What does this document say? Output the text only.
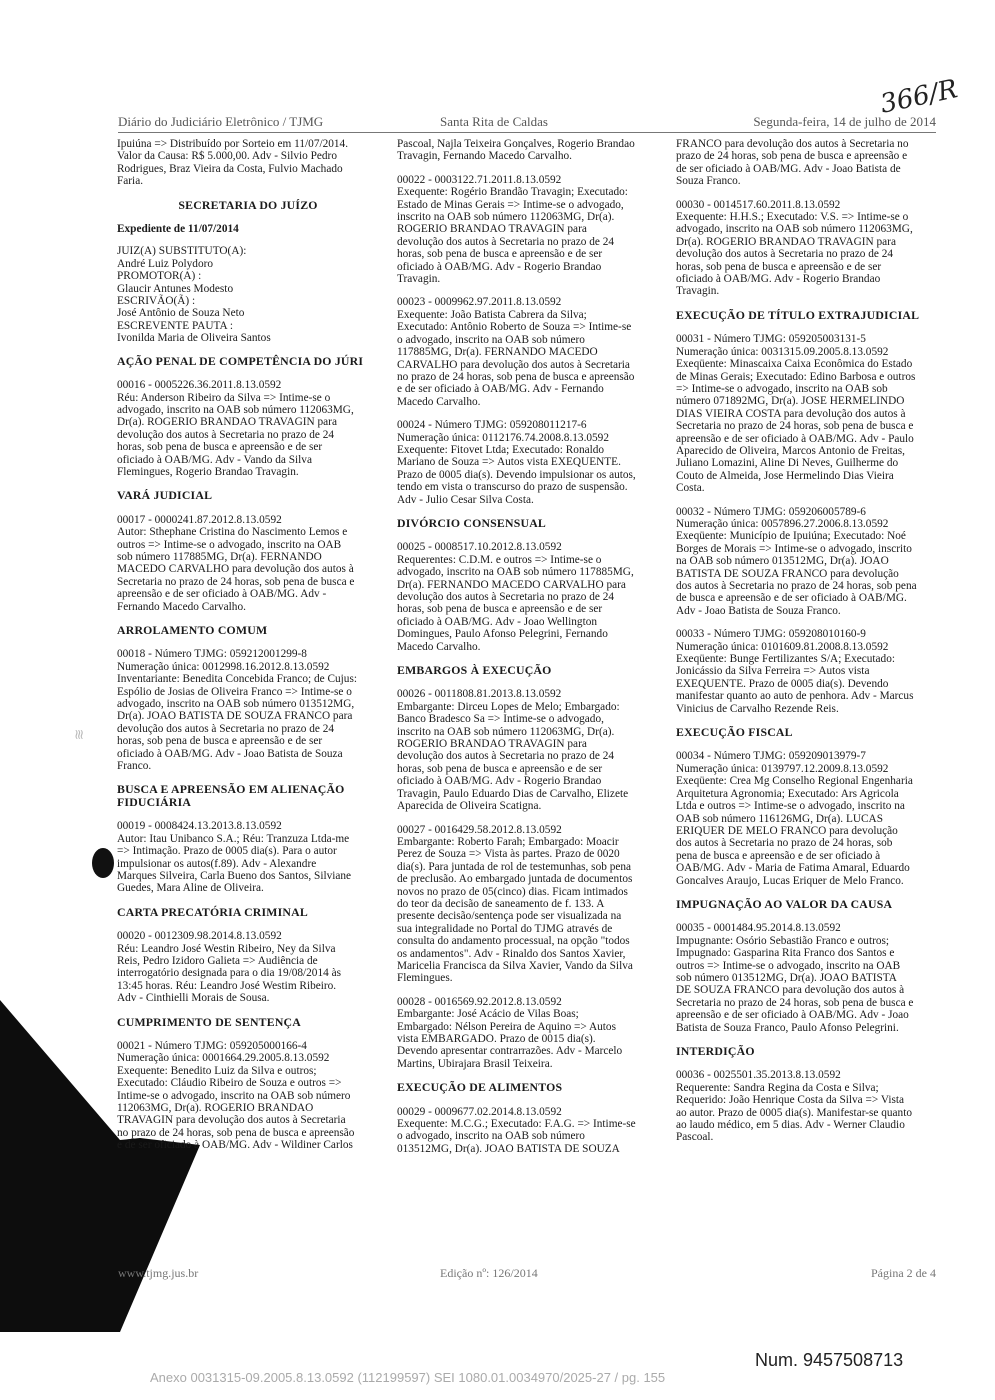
≋
366/R
Diário do Judiciário Eletrônico / TJMG	Santa Rita de Caldas	Segunda-feira, 14 de julho de 2014
Ipuiúna => Distribuído por Sorteio em 11/07/2014.
Valor da Causa: R$ 5.000,00. Adv - Silvio Pedro
Rodrigues, Braz Vieira da Costa, Fulvio Machado
Faria.
SECRETARIA DO JUÍZO
Expediente de 11/07/2014
JUIZ(A) SUBSTITUTO(A):
André Luiz Polydoro
PROMOTOR(A) :
Glaucir Antunes Modesto
ESCRIVÃO(Ã) :
José Antônio de Souza Neto
ESCREVENTE PAUTA :
Ivonilda Maria de Oliveira Santos
AÇÃO PENAL DE COMPETÊNCIA DO JÚRI
00016 - 0005226.36.2011.8.13.0592
Réu: Anderson Ribeiro da Silva => Intime-se o
advogado, inscrito na OAB sob número 112063MG,
Dr(a). ROGERIO BRANDAO TRAVAGIN para
devolução dos autos à Secretaria no prazo de 24
horas, sob pena de busca e apreensão e de ser
oficiado à OAB/MG. Adv - Vando da Silva
Flemingues, Rogerio Brandao Travagin.
VARÁ JUDICIAL
00017 - 0000241.87.2012.8.13.0592
Autor: Sthephane Cristina do Nascimento Lemos e
outros => Intime-se o advogado, inscrito na OAB
sob número 117885MG, Dr(a). FERNANDO
MACEDO CARVALHO para devolução dos autos à
Secretaria no prazo de 24 horas, sob pena de busca e
apreensão e de ser oficiado à OAB/MG. Adv -
Fernando Macedo Carvalho.
ARROLAMENTO COMUM
00018 - Número TJMG: 059212001299-8
Numeração única: 0012998.16.2012.8.13.0592
Inventariante: Benedita Concebida Franco; de Cujus:
Espólio de Josias de Oliveira Franco => Intime-se o
advogado, inscrito na OAB sob número 013512MG,
Dr(a). JOAO BATISTA DE SOUZA FRANCO para
devolução dos autos à Secretaria no prazo de 24
horas, sob pena de busca e apreensão e de ser
oficiado à OAB/MG. Adv - Joao Batista de Souza
Franco.
BUSCA E APREENSÃO EM ALIENAÇÃO FIDUCIÁRIA
00019 - 0008424.13.2013.8.13.0592
Autor: Itau Unibanco S.A.; Réu: Tranzuza Ltda-me
=> Intimação. Prazo de 0005 dia(s). Para o autor
impulsionar os autos(f.89). Adv - Alexandre
Marques Silveira, Carla Bueno dos Santos, Silviane
Guedes, Mara Aline de Oliveira.
CARTA PRECATÓRIA CRIMINAL
00020 - 0012309.98.2014.8.13.0592
Réu: Leandro José Westin Ribeiro, Ney da Silva
Reis, Pedro Izidoro Galieta => Audiência de
interrogatório designada para o dia 19/08/2014 às
13:45 horas. Réu: Leandro José Westim Ribeiro.
Adv - Cinthielli Morais de Sousa.
CUMPRIMENTO DE SENTENÇA
00021 - Número TJMG: 059205000166-4
Numeração única: 0001664.29.2005.8.13.0592
Exequente: Benedito Luiz da Silva e outros;
Executado: Cláudio Ribeiro de Souza e outros =>
Intime-se o advogado, inscrito na OAB sob número
112063MG, Dr(a). ROGERIO BRANDAO
TRAVAGIN para devolução dos autos à Secretaria
no prazo de 24 horas, sob pena de busca e apreensão
e de ser oficiado à OAB/MG. Adv - Wildiner Carlos
Pascoal, Najla Teixeira Gonçalves, Rogerio Brandao
Travagin, Fernando Macedo Carvalho.
00022 - 0003122.71.2011.8.13.0592
Exequente: Rogério Brandão Travagin; Executado:
Estado de Minas Gerais => Intime-se o advogado,
inscrito na OAB sob número 112063MG, Dr(a).
ROGERIO BRANDAO TRAVAGIN para
devolução dos autos à Secretaria no prazo de 24
horas, sob pena de busca e apreensão e de ser
oficiado à OAB/MG. Adv - Rogerio Brandao
Travagin.
00023 - 0009962.97.2011.8.13.0592
Exequente: João Batista Cabrera da Silva;
Executado: Antônio Roberto de Souza => Intime-se
o advogado, inscrito na OAB sob número
117885MG, Dr(a). FERNANDO MACEDO
CARVALHO para devolução dos autos à Secretaria
no prazo de 24 horas, sob pena de busca e apreensão
e de ser oficiado à OAB/MG. Adv - Fernando
Macedo Carvalho.
00024 - Número TJMG: 059208011217-6
Numeração única: 0112176.74.2008.8.13.0592
Exequente: Fitovet Ltda; Executado: Ronaldo
Mariano de Souza => Autos vista EXEQUENTE.
Prazo de 0005 dia(s). Devendo impulsionar os autos,
tendo em vista o transcurso do prazo de suspensão.
Adv - Julio Cesar Silva Costa.
DIVÓRCIO CONSENSUAL
00025 - 0008517.10.2012.8.13.0592
Requerentes: C.D.M. e outros => Intime-se o
advogado, inscrito na OAB sob número 117885MG,
Dr(a). FERNANDO MACEDO CARVALHO para
devolução dos autos à Secretaria no prazo de 24
horas, sob pena de busca e apreensão e de ser
oficiado à OAB/MG. Adv - Joao Wellington
Domingues, Paulo Afonso Pelegrini, Fernando
Macedo Carvalho.
EMBARGOS À EXECUÇÃO
00026 - 0011808.81.2013.8.13.0592
Embargante: Dirceu Lopes de Melo; Embargado:
Banco Bradesco Sa => Intime-se o advogado,
inscrito na OAB sob número 112063MG, Dr(a).
ROGERIO BRANDAO TRAVAGIN para
devolução dos autos à Secretaria no prazo de 24
horas, sob pena de busca e apreensão e de ser
oficiado à OAB/MG. Adv - Rogerio Brandao
Travagin, Paulo Eduardo Dias de Carvalho, Elizete
Aparecida de Oliveira Scatigna.
00027 - 0016429.58.2012.8.13.0592
Embargante: Roberto Farah; Embargado: Moacir
Perez de Souza => Vista às partes. Prazo de 0020
dia(s). Para juntada de rol de testemunhas, sob pena
de preclusão. Ao embargado juntada de documentos
novos no prazo de 05(cinco) dias. Ficam intimados
do teor da decisão de saneamento de f. 133. A
presente decisão/sentença pode ser visualizada na
sua integralidade no Portal do TJMG através de
consulta do andamento processual, na opção "todos
os andamentos". Adv - Rinaldo dos Santos Xavier,
Maricelia Francisca da Silva Xavier, Vando da Silva
Flemingues.
00028 - 0016569.92.2012.8.13.0592
Embargante: José Acácio de Vilas Boas;
Embargado: Nélson Pereira de Aquino => Autos
vista EMBARGADO. Prazo de 0015 dia(s).
Devendo apresentar contrarrazões. Adv - Marcelo
Martins, Ubirajara Brasil Teixeira.
EXECUÇÃO DE ALIMENTOS
00029 - 0009677.02.2014.8.13.0592
Exequente: M.C.G.; Executado: F.A.G. => Intime-se
o advogado, inscrito na OAB sob número
013512MG, Dr(a). JOAO BATISTA DE SOUZA
FRANCO para devolução dos autos à Secretaria no
prazo de 24 horas, sob pena de busca e apreensão e
de ser oficiado à OAB/MG. Adv - Joao Batista de
Souza Franco.
00030 - 0014517.60.2011.8.13.0592
Exequente: H.H.S.; Executado: V.S. => Intime-se o
advogado, inscrito na OAB sob número 112063MG,
Dr(a). ROGERIO BRANDAO TRAVAGIN para
devolução dos autos à Secretaria no prazo de 24
horas, sob pena de busca e apreensão e de ser
oficiado à OAB/MG. Adv - Rogerio Brandao
Travagin.
EXECUÇÃO DE TÍTULO EXTRAJUDICIAL
00031 - Número TJMG: 059205003131-5
Numeração única: 0031315.09.2005.8.13.0592
Exeqüente: Minascaixa Caixa Econômica do Estado
de Minas Gerais; Executado: Edino Barbosa e outros
=> Intime-se o advogado, inscrito na OAB sob
número 071892MG, Dr(a). JOSE HERMELINDO
DIAS VIEIRA COSTA para devolução dos autos à
Secretaria no prazo de 24 horas, sob pena de busca e
apreensão e de ser oficiado à OAB/MG. Adv - Paulo
Aparecido de Oliveira, Marcos Antonio de Freitas,
Juliano Lomazini, Aline Di Neves, Guilherme do
Couto de Almeida, Jose Hermelindo Dias Vieira
Costa.
00032 - Número TJMG: 059206005789-6
Numeração única: 0057896.27.2006.8.13.0592
Exeqüente: Município de Ipuiúna; Executado: Noé
Borges de Morais => Intime-se o advogado, inscrito
na OAB sob número 013512MG, Dr(a). JOAO
BATISTA DE SOUZA FRANCO para devolução
dos autos à Secretaria no prazo de 24 horas, sob pena
de busca e apreensão e de ser oficiado à OAB/MG.
Adv - Joao Batista de Souza Franco.
00033 - Número TJMG: 059208010160-9
Numeração única: 0101609.81.2008.8.13.0592
Exeqüente: Bunge Fertilizantes S/A; Executado:
Jonicássio da Silva Ferreira => Autos vista
EXEQUENTE. Prazo de 0005 dia(s). Devendo
manifestar quanto ao auto de penhora. Adv - Marcus
Vinicius de Carvalho Rezende Reis.
EXECUÇÃO FISCAL
00034 - Número TJMG: 059209013979-7
Numeração única: 0139797.12.2009.8.13.0592
Exeqüente: Crea Mg Conselho Regional Engenharia
Arquitetura Agronomia; Executado: Ars Agricola
Ltda e outros => Intime-se o advogado, inscrito na
OAB sob número 116126MG, Dr(a). LUCAS
ERIQUER DE MELO FRANCO para devolução
dos autos à Secretaria no prazo de 24 horas, sob
pena de busca e apreensão e de ser oficiado à
OAB/MG. Adv - Maria de Fatima Amaral, Eduardo
Goncalves Araujo, Lucas Eriquer de Melo Franco.
IMPUGNAÇÃO AO VALOR DA CAUSA
00035 - 0001484.95.2014.8.13.0592
Impugnante: Osório Sebastião Franco e outros;
Impugnado: Gasparina Rita Franco dos Santos e
outros => Intime-se o advogado, inscrito na OAB
sob número 013512MG, Dr(a). JOAO BATISTA
DE SOUZA FRANCO para devolução dos autos à
Secretaria no prazo de 24 horas, sob pena de busca e
apreensão e de ser oficiado à OAB/MG. Adv - Joao
Batista de Souza Franco, Paulo Afonso Pelegrini.
INTERDIÇÃO
00036 - 0025501.35.2013.8.13.0592
Requerente: Sandra Regina da Costa e Silva;
Requerido: João Henrique Costa da Silva => Vista
ao autor. Prazo de 0005 dia(s). Manifestar-se quanto
ao laudo médico, em 5 dias. Adv - Werner Claudio
Pascoal.
www.tjmg.jus.br	Edição nº: 126/2014	Página 2 de 4
Num. 9457508713
Anexo 0031315-09.2005.8.13.0592 (112199597) SEI 1080.01.0034970/2025-27 / pg. 155
